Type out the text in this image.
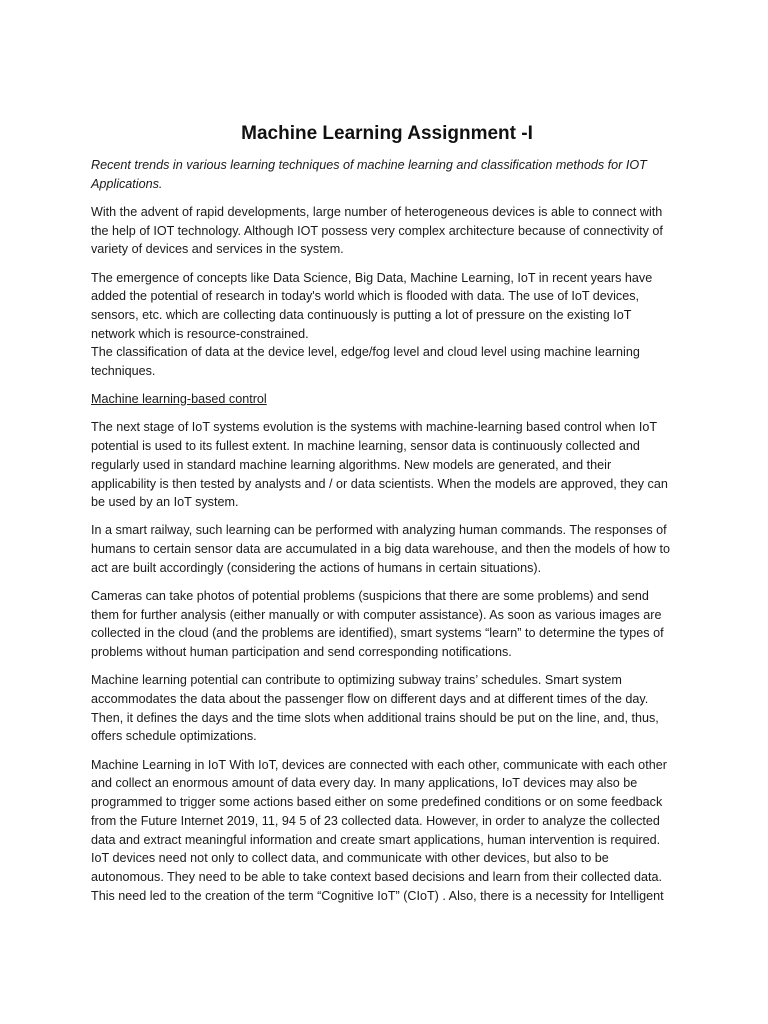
Machine Learning Assignment -I

Recent trends in various learning techniques of machine learning and classification methods for IOT
Applications.

With the advent of rapid developments, large number of heterogeneous devices is able to connect with
the help of IOT technology. Although IOT possess very complex architecture because of connectivity of
variety of devices and services in the system.

The emergence of concepts like Data Science, Big Data, Machine Learning, IoT in recent years have
added the potential of research in today's world which is flooded with data. The use of IoT devices,
sensors, etc. which are collecting data continuously is putting a lot of pressure on the existing IoT
network which is resource-constrained.
The classification of data at the device level, edge/fog level and cloud level using machine learning
techniques.

Machine learning-based control

The next stage of IoT systems evolution is the systems with machine-learning based control when IoT
potential is used to its fullest extent. In machine learning, sensor data is continuously collected and
regularly used in standard machine learning algorithms. New models are generated, and their
applicability is then tested by analysts and / or data scientists. When the models are approved, they can
be used by an IoT system.

In a smart railway, such learning can be performed with analyzing human commands. The responses of
humans to certain sensor data are accumulated in a big data warehouse, and then the models of how to
act are built accordingly (considering the actions of humans in certain situations).

Cameras can take photos of potential problems (suspicions that there are some problems) and send
them for further analysis (either manually or with computer assistance). As soon as various images are
collected in the cloud (and the problems are identified), smart systems “learn” to determine the types of
problems without human participation and send corresponding notifications.

Machine learning potential can contribute to optimizing subway trains’ schedules. Smart system
accommodates the data about the passenger flow on different days and at different times of the day.
Then, it defines the days and the time slots when additional trains should be put on the line, and, thus,
offers schedule optimizations.

Machine Learning in IoT With IoT, devices are connected with each other, communicate with each other
and collect an enormous amount of data every day. In many applications, IoT devices may also be
programmed to trigger some actions based either on some predefined conditions or on some feedback
from the Future Internet 2019, 11, 94 5 of 23 collected data. However, in order to analyze the collected
data and extract meaningful information and create smart applications, human intervention is required.
IoT devices need not only to collect data, and communicate with other devices, but also to be
autonomous. They need to be able to take context based decisions and learn from their collected data.
This need led to the creation of the term “Cognitive IoT” (CIoT) . Also, there is a necessity for Intelligent
